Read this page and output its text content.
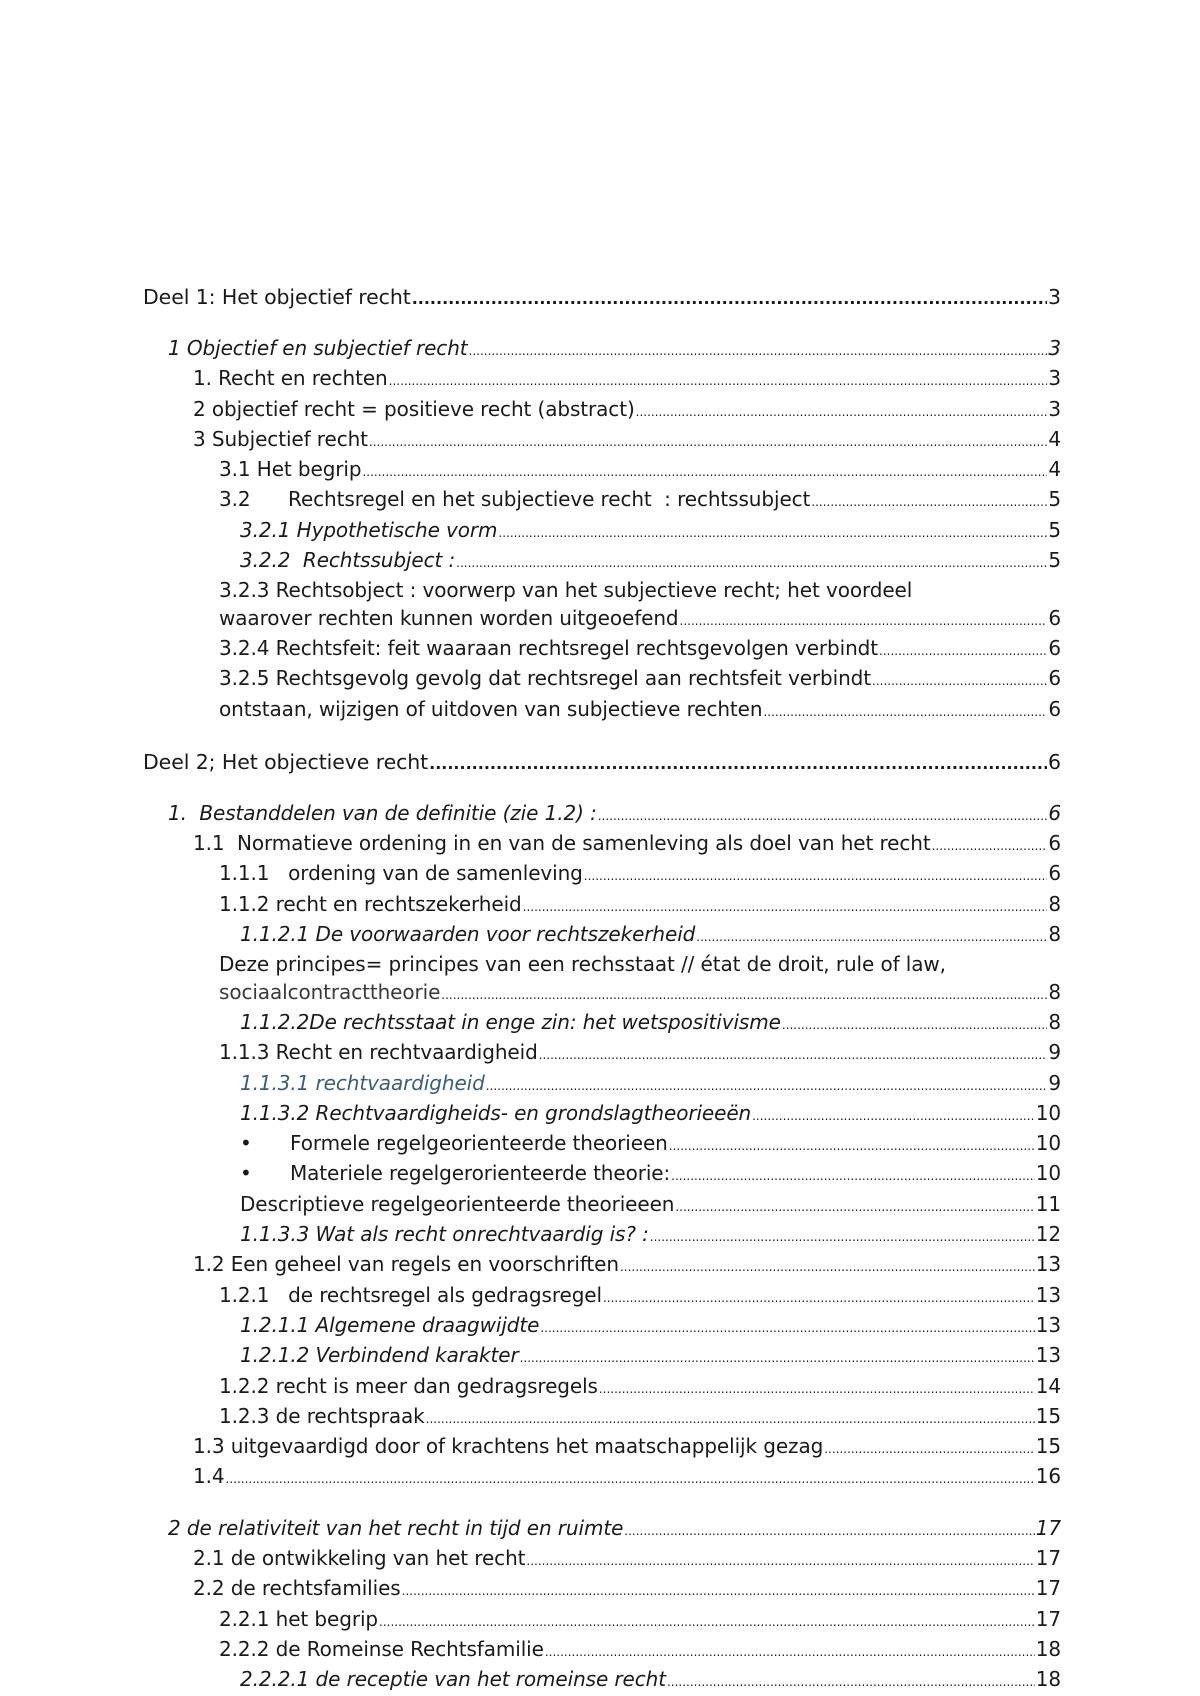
Deel 1: Het objectief recht .....	3
1 Objectief en subjectief recht .....	3
1. Recht en rechten .....	3
2 objectief recht = positieve recht (abstract) .....	3
3 Subjectief recht .....	4
3.1 Het begrip .....	4
3.2      Rechtsregel en het subjectieve recht  : rechtssubject .....	5
3.2.1 Hypothetische vorm .....	5
3.2.2  Rechtssubject : .....	5
3.2.3 Rechtsobject : voorwerp van het subjectieve recht; het voordeel
waarover rechten kunnen worden uitgeoefend .....	6
3.2.4 Rechtsfeit: feit waaraan rechtsregel rechtsgevolgen verbindt .....	6
3.2.5 Rechtsgevolg gevolg dat rechtsregel aan rechtsfeit verbindt .....	6
ontstaan, wijzigen of uitdoven van subjectieve rechten .....	6
Deel 2; Het objectieve recht .....	6
1.  Bestanddelen van de definitie (zie 1.2) : .....	6
1.1  Normatieve ordening in en van de samenleving als doel van het recht .....	6
1.1.1   ordening van de samenleving .....	6
1.1.2 recht en rechtszekerheid .....	8
1.1.2.1 De voorwaarden voor rechtszekerheid .....	8
Deze principes= principes van een rechsstaat // état de droit, rule of law,
sociaalcontracttheorie .....	8
1.1.2.2De rechtsstaat in enge zin: het wetspositivisme .....	8
1.1.3 Recht en rechtvaardigheid .....	9
1.1.3.1 rechtvaardigheid .....	9
1.1.3.2 Rechtvaardigheids- en grondslagtheorieeën .....	10
• Formele regelgeorienteerde theorieen .....	10
• Materiele regelgerorienteerde theorie: .....	10
Descriptieve regelgeorienteerde theorieeen .....	11
1.1.3.3 Wat als recht onrechtvaardig is? : .....	12
1.2 Een geheel van regels en voorschriften .....	13
1.2.1   de rechtsregel als gedragsregel .....	13
1.2.1.1 Algemene draagwijdte .....	13
1.2.1.2 Verbindend karakter .....	13
1.2.2 recht is meer dan gedragsregels .....	14
1.2.3 de rechtspraak .....	15
1.3 uitgevaardigd door of krachtens het maatschappelijk gezag .....	15
1.4 .....	16
2 de relativiteit van het recht in tijd en ruimte .....	17
2.1 de ontwikkeling van het recht .....	17
2.2 de rechtsfamilies .....	17
2.2.1 het begrip .....	17
2.2.2 de Romeinse Rechtsfamilie .....	18
2.2.2.1 de receptie van het romeinse recht .....	18
